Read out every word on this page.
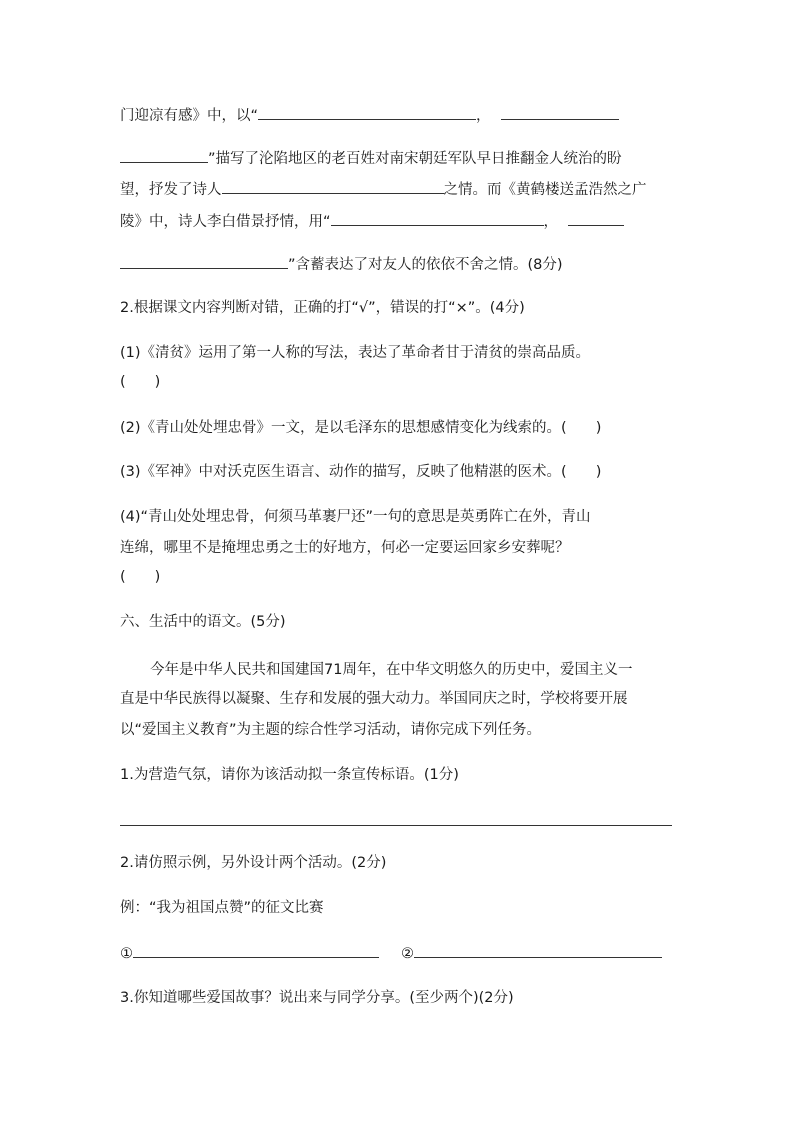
门迎凉有感》中，以“	，
”描写了沦陷地区的老百姓对南宋朝廷军队早日推翻金人统治的盼
望，抒发了诗人	之情。而《黄鹤楼送孟浩然之广
陵》中，诗人李白借景抒情，用“	，
”含蓄表达了对友人的依依不舍之情。(8分)
2.根据课文内容判断对错，正确的打“√”，错误的打“×”。(4分)
(1)《清贫》运用了第一人称的写法，表达了革命者甘于清贫的崇高品质。
(　　)
(2)《青山处处埋忠骨》一文，是以毛泽东的思想感情变化为线索的。(　　)
(3)《军神》中对沃克医生语言、动作的描写，反映了他精湛的医术。(　　)
(4)“青山处处埋忠骨，何须马革裹尸还”一句的意思是英勇阵亡在外，青山
连绵，哪里不是掩埋忠勇之士的好地方，何必一定要运回家乡安葬呢？
(　　)
六、生活中的语文。(5分)
今年是中华人民共和国建国71周年，在中华文明悠久的历史中，爱国主义一
直是中华民族得以凝聚、生存和发展的强大动力。举国同庆之时，学校将要开展
以“爱国主义教育”为主题的综合性学习活动，请你完成下列任务。
1.为营造气氛，请你为该活动拟一条宣传标语。(1分)
2.请仿照示例，另外设计两个活动。(2分)
例：“我为祖国点赞”的征文比赛
①	②
3.你知道哪些爱国故事？说出来与同学分享。(至少两个)(2分)
